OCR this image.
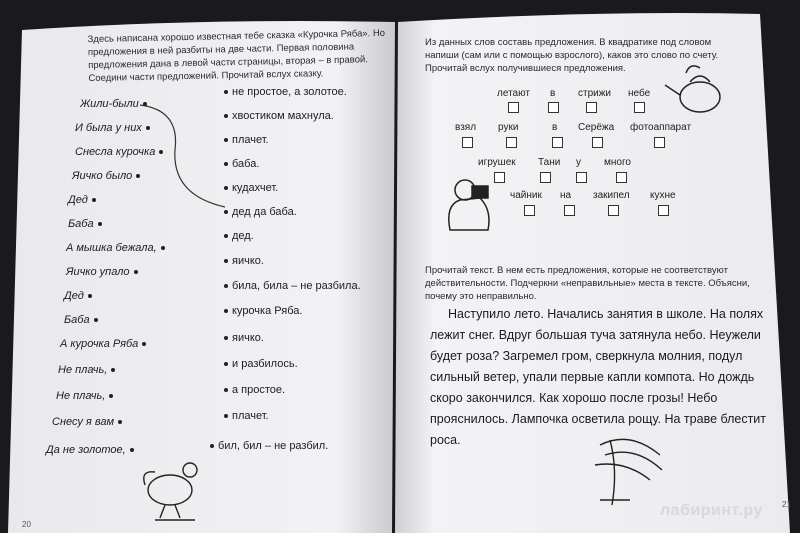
Здесь написана хорошо известная тебе сказка «Курочка Ряба». Но предложения в ней разбиты на две части. Первая половина предложения дана в левой части страницы, вторая – в правой. Соедини части предложений. Прочитай вслух сказку.
Жили-были
И была у них
Снесла курочка
Яичко было
Дед
Баба
А мышка бежала,
Яичко упало
Дед
Баба
А курочка Ряба
Не плачь,
Не плачь,
Снесу я вам
Да не золотое,
не простое, а золотое.
хвостиком махнула.
плачет.
баба.
кудахчет.
дед да баба.
дед.
яичко.
била, била – не разбила.
курочка Ряба.
яичко.
и разбилось.
а простое.
плачет.
бил, бил – не разбил.
20
Из данных слов составь предложения. В квадратике под словом напиши (сам или с помощью взрослого), каков это слово по счету. Прочитай вслух получившиеся предложения.
летают в стрижи небе
взял руки	в Серёжа фотоаппарат
игрушек Тани у много
чайник на закипел кухне
Прочитай текст. В нем есть предложения, которые не соответствуют действительности. Подчеркни «неправильные» места в тексте. Объясни, почему это неправильно.
Наступило лето. Начались занятия в школе. На полях лежит снег. Вдруг большая туча затянула небо. Неужели будет роза? Загремел гром, сверкнула молния, подул сильный ветер, упали первые капли компота. Но дождь скоро закончился. Как хорошо после грозы! Небо прояснилось. Лампочка осветила рощу. На траве блестит роса.
21
лабиринт.ру
